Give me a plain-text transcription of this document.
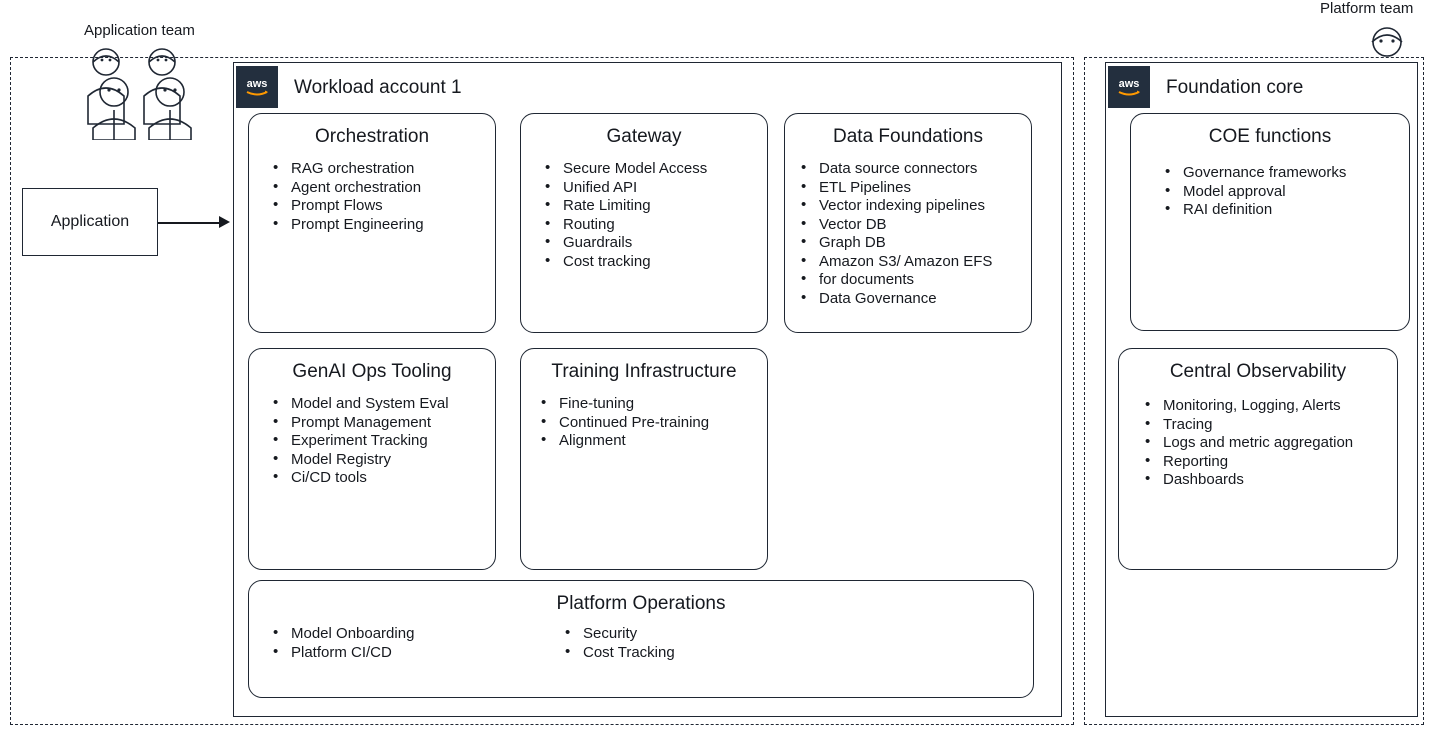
Application team
Platform team
Application
aws Workload account 1
Orchestration
• RAG orchestration
• Agent orchestration
• Prompt Flows
• Prompt Engineering
Gateway
• Secure Model Access
• Unified API
• Rate Limiting
• Routing
• Guardrails
• Cost tracking
Data Foundations
• Data source connectors
• ETL Pipelines
• Vector indexing pipelines
• Vector DB
• Graph DB
• Amazon S3/ Amazon EFS
• for documents
• Data Governance
GenAI Ops Tooling
• Model and System Eval
• Prompt Management
• Experiment Tracking
• Model Registry
• Ci/CD tools
Training Infrastructure
• Fine-tuning
• Continued Pre-training
• Alignment
Platform Operations
• Model Onboarding
• Platform CI/CD
• Security
• Cost Tracking
aws Foundation core
COE functions
• Governance frameworks
• Model approval
• RAI definition
Central Observability
• Monitoring, Logging, Alerts
• Tracing
• Logs and metric aggregation
• Reporting
• Dashboards
